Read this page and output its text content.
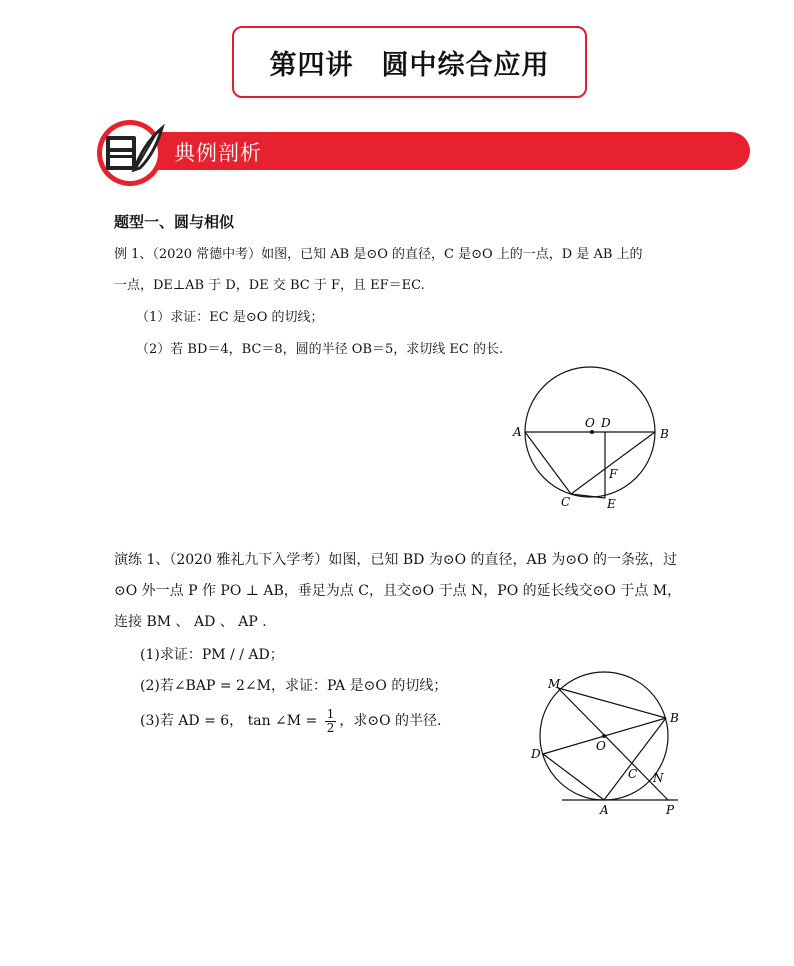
第四讲　圆中综合应用
典例剖析
题型一、圆与相似
例 1、（2020 常德中考）如图，已知 AB 是⊙O 的直径，C 是⊙O 上的一点，D 是 AB 上的
一点，DE⊥AB 于 D，DE 交 BC 于 F，且 EF＝EC.
（1）求证：EC 是⊙O 的切线；
（2）若 BD＝4，BC＝8，圆的半径 OB＝5，求切线 EC 的长.
A	B
O D
F
C	E
演练 1、（2020 雅礼九下入学考）如图，已知 BD 为⊙O 的直径，AB 为⊙O 的一条弦，过
⊙O 外一点 P 作 PO ⊥ AB，垂足为点 C，且交⊙O 于点 N，PO 的延长线交⊙O 于点 M，
连接 BM 、 AD 、 AP .
(1)求证：PM / / AD；
(2)若∠BAP = 2∠M，求证：PA 是⊙O 的切线；
(3)若 AD = 6， tan ∠M = $\frac{1}{2}$ ，求⊙O 的半径.
M
B
O
D
C N
A	P
